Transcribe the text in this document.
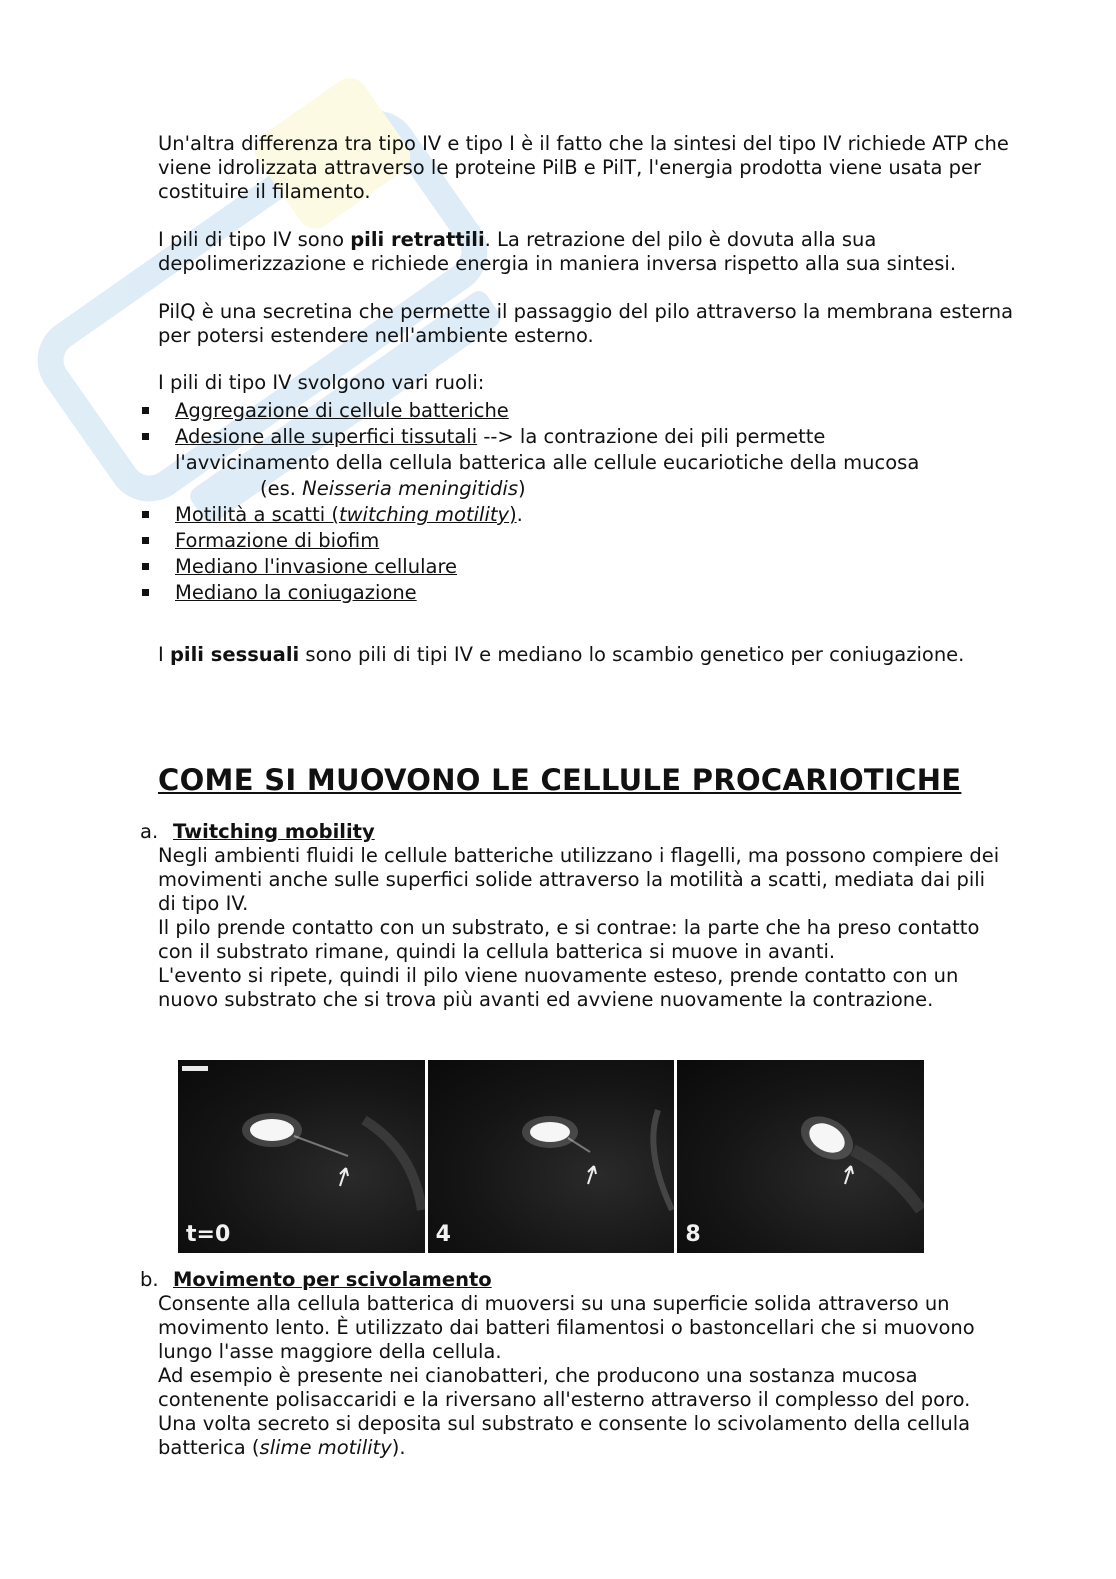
Un'altra differenza tra tipo IV e tipo I è il fatto che la sintesi del tipo IV richiede ATP che viene idrolizzata attraverso le proteine PilB e PilT, l'energia prodotta viene usata per costituire il filamento.

I pili di tipo IV sono pili retrattili. La retrazione del pilo è dovuta alla sua depolimerizzazione e richiede energia in maniera inversa rispetto alla sua sintesi.

PilQ è una secretina che permette il passaggio del pilo attraverso la membrana esterna per potersi estendere nell'ambiente esterno.

I pili di tipo IV svolgono vari ruoli:

Aggregazione di cellule batteriche
Adesione alle superfici tissutali --> la contrazione dei pili permette l'avvicinamento della cellula batterica alle cellule eucariotiche della mucosa
(es. Neisseria meningitidis)
Motilità a scatti (twitching motility).
Formazione di biofim
Mediano l'invasione cellulare
Mediano la coniugazione

I pili sessuali sono pili di tipi IV e mediano lo scambio genetico per coniugazione.

COME SI MUOVONO LE CELLULE PROCARIOTICHE

a. Twitching mobility

Negli ambienti fluidi le cellule batteriche utilizzano i flagelli, ma possono compiere dei movimenti anche sulle superfici solide attraverso la motilità a scatti, mediata dai pili di tipo IV.

Il pilo prende contatto con un substrato, e si contrae: la parte che ha preso contatto con il substrato rimane, quindi la cellula batterica si muove in avanti.

L'evento si ripete, quindi il pilo viene nuovamente esteso, prende contatto con un nuovo substrato che si trova più avanti ed avviene nuovamente la contrazione.

t=0	4	8

b. Movimento per scivolamento

Consente alla cellula batterica di muoversi su una superficie solida attraverso un movimento lento. È utilizzato dai batteri filamentosi o bastoncellari che si muovono lungo l'asse maggiore della cellula.

Ad esempio è presente nei cianobatteri, che producono una sostanza mucosa contenente polisaccaridi e la riversano all'esterno attraverso il complesso del poro. Una volta secreto si deposita sul substrato e consente lo scivolamento della cellula batterica (slime motility).
